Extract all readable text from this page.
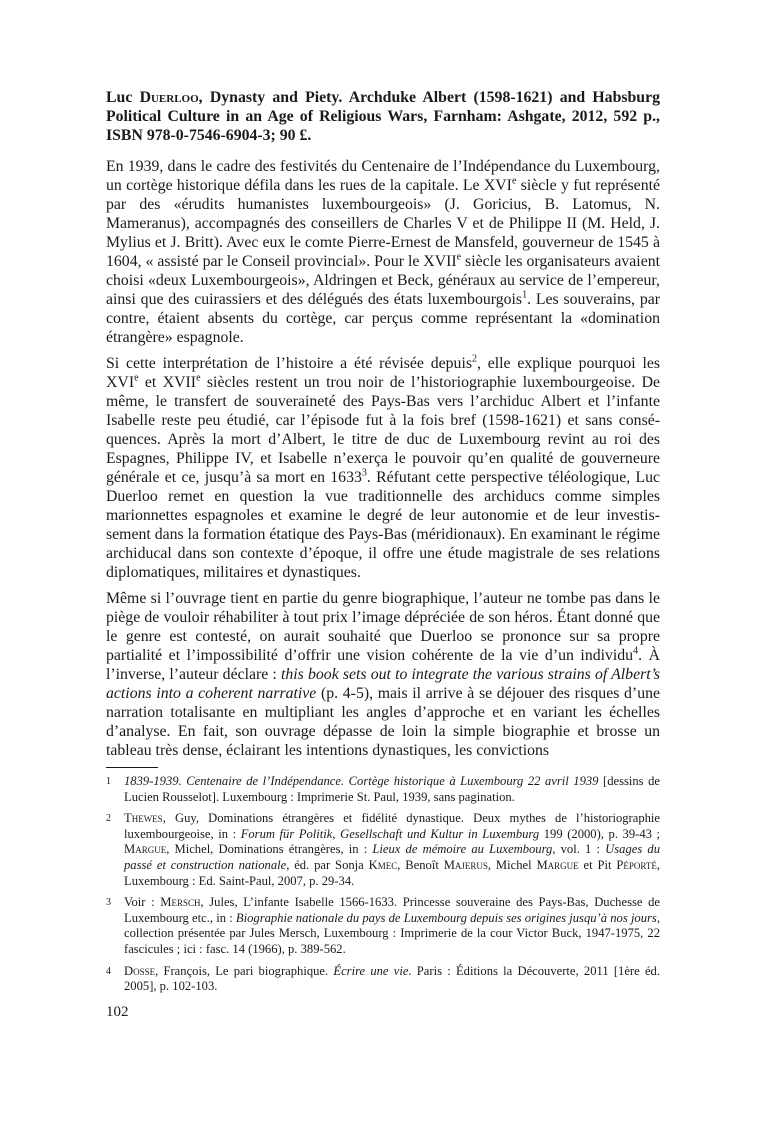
Luc Duerloo, Dynasty and Piety. Archduke Albert (1598-1621) and Habsburg Political Culture in an Age of Religious Wars, Farnham: Ashgate, 2012, 592 p., ISBN 978-0-7546-6904-3; 90 £.

En 1939, dans le cadre des festivités du Centenaire de l’Indépendance du Luxembourg, un cortège historique défila dans les rues de la capitale. Le XVIe siècle y fut représenté par des «érudits humanistes luxembourgeois» (J. Goricius, B. Latomus, N. Mameranus), accompagnés des conseillers de Charles V et de Philippe II (M. Held, J. Mylius et J. Britt). Avec eux le comte Pierre-Ernest de Mansfeld, gouverneur de 1545 à 1604, « assisté par le Conseil provincial». Pour le XVIIe siècle les organisateurs avaient choisi «deux Luxembourgeois», Aldringen et Beck, généraux au service de l’empereur, ainsi que des cuirassiers et des délégués des états luxembourgois$^1$. Les souverains, par contre, étaient absents du cortège, car perçus comme représentant la «domination étrangère» espagnole.

Si cette interprétation de l’histoire a été révisée depuis$^2$, elle explique pourquoi les XVIe et XVIIe siècles restent un trou noir de l’historiographie luxembourgeoise. De même, le transfert de souveraineté des Pays-Bas vers l’archiduc Albert et l’infante Isabelle reste peu étudié, car l’épisode fut à la fois bref (1598-1621) et sans conséquences. Après la mort d’Albert, le titre de duc de Luxembourg revint au roi des Espagnes, Philippe IV, et Isabelle n’exerça le pouvoir qu’en qualité de gouverneure générale et ce, jusqu’à sa mort en 1633$^3$. Réfutant cette perspective téléologique, Luc Duerloo remet en question la vue traditionnelle des archiducs comme simples marionnettes espagnoles et examine le degré de leur autonomie et de leur investissement dans la formation étatique des Pays-Bas (méridionaux). En examinant le régime archiducal dans son contexte d’époque, il offre une étude magistrale de ses relations diplomatiques, militaires et dynastiques.

Même si l’ouvrage tient en partie du genre biographique, l’auteur ne tombe pas dans le piège de vouloir réhabiliter à tout prix l’image dépréciée de son héros. Étant donné que le genre est contesté, on aurait souhaité que Duerloo se prononce sur sa propre partialité et l’impossibilité d’offrir une vision cohérente de la vie d’un individu$^4$. À l’inverse, l’auteur déclare : this book sets out to integrate the various strains of Albert’s actions into a coherent narrative (p. 4-5), mais il arrive à se déjouer des risques d’une narration totalisante en multipliant les angles d’approche et en variant les échelles d’analyse. En fait, son ouvrage dépasse de loin la simple biographie et brosse un tableau très dense, éclairant les intentions dynastiques, les convictions

1 1839-1939. Centenaire de l’Indépendance. Cortège historique à Luxembourg 22 avril 1939 [dessins de Lucien Rousselot]. Luxembourg : Imprimerie St. Paul, 1939, sans pagination.
2 Thewes, Guy, Dominations étrangères et fidélité dynastique. Deux mythes de l’historiographie luxembourgeoise, in : Forum für Politik, Gesellschaft und Kultur in Luxemburg 199 (2000), p. 39-43 ; Margue, Michel, Dominations étrangères, in : Lieux de mémoire au Luxembourg, vol. 1 : Usages du passé et construction nationale, éd. par Sonja Kmec, Benoît Majerus, Michel Margue et Pit Péporté, Luxembourg : Ed. Saint-Paul, 2007, p. 29-34.
3 Voir : Mersch, Jules, L’infante Isabelle 1566-1633. Princesse souveraine des Pays-Bas, Duchesse de Luxembourg etc., in : Biographie nationale du pays de Luxembourg depuis ses origines jusqu’à nos jours, collection présentée par Jules Mersch, Luxembourg : Imprimerie de la cour Victor Buck, 1947-1975, 22 fascicules ; ici : fasc. 14 (1966), p. 389-562.
4 Dosse, François, Le pari biographique. Écrire une vie. Paris : Éditions la Découverte, 2011 [1ère éd. 2005], p. 102-103.
102
